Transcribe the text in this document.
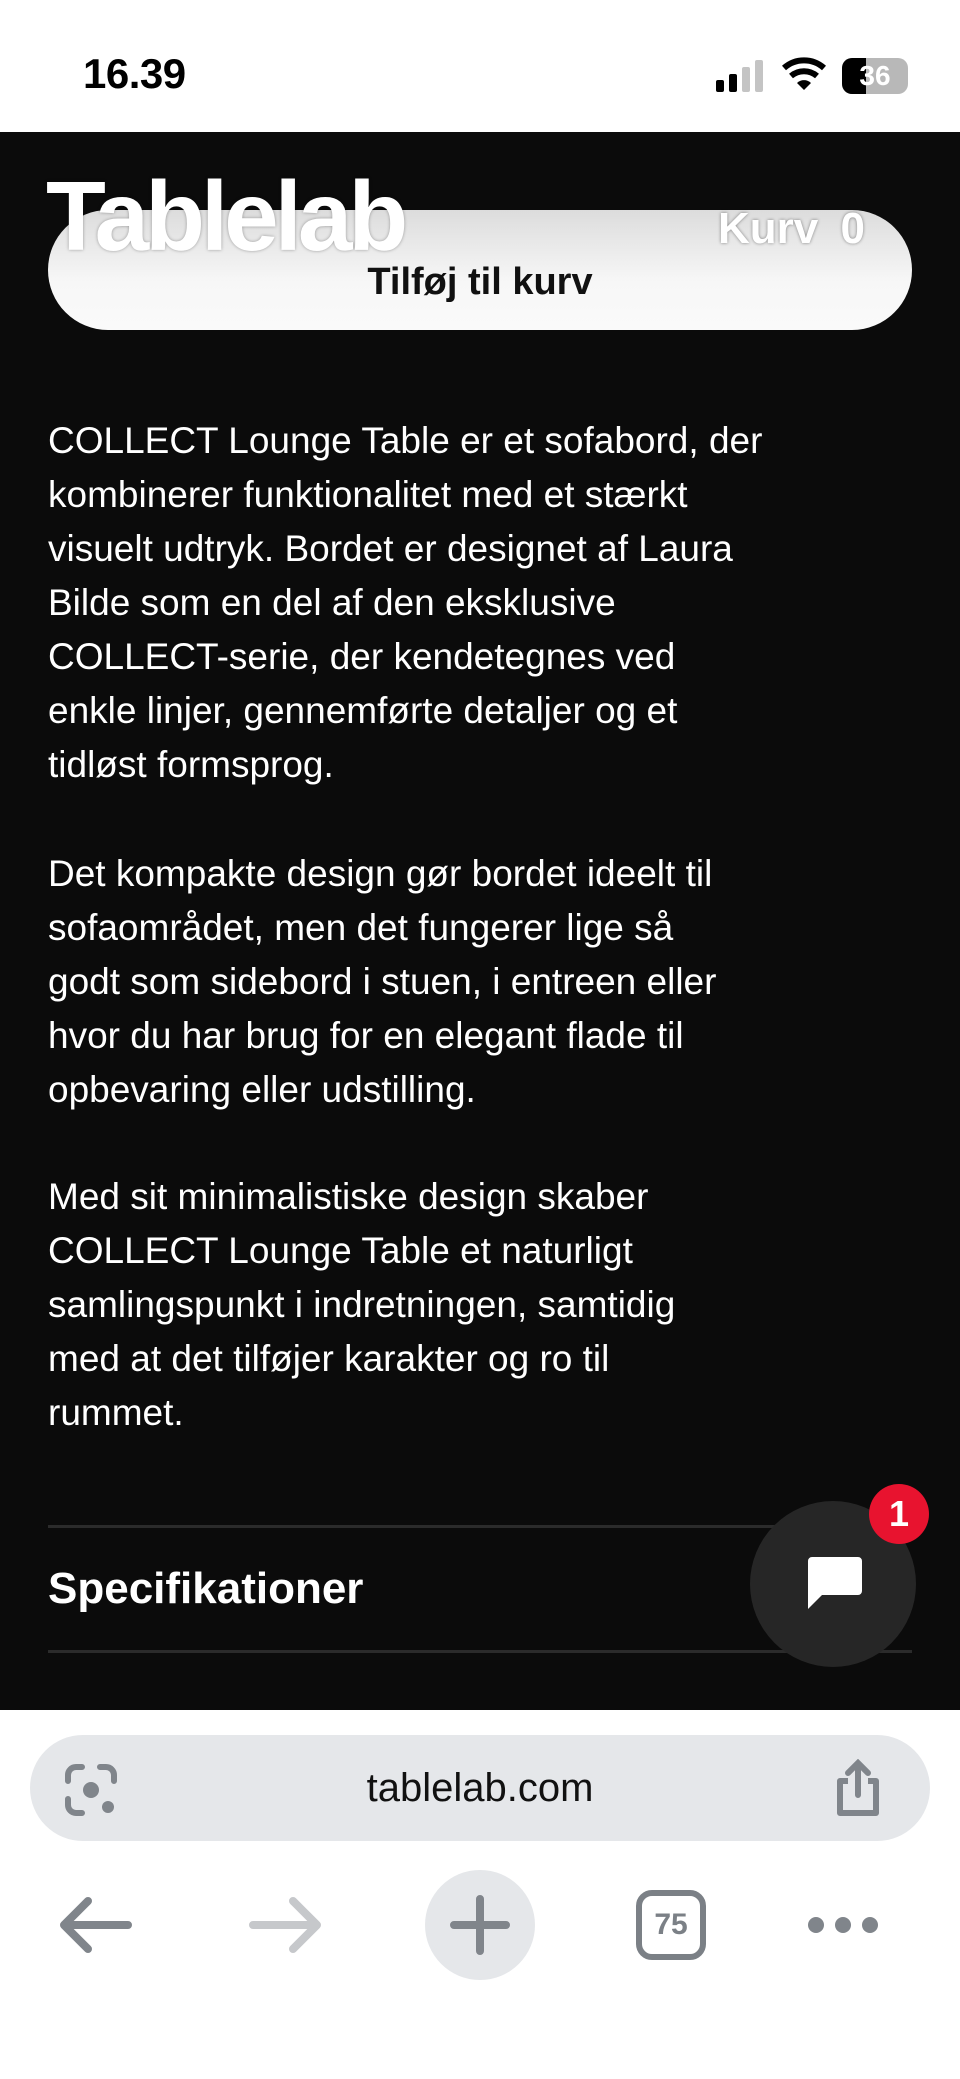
16.39	36
Tilføj til kurv
Tablelab	Kurv 0
COLLECT Lounge Table er et sofabord, der
kombinerer funktionalitet med et stærkt
visuelt udtryk. Bordet er designet af Laura
Bilde som en del af den eksklusive
COLLECT-serie, der kendetegnes ved
enkle linjer, gennemførte detaljer og et
tidløst formsprog.
Det kompakte design gør bordet ideelt til
sofaområdet, men det fungerer lige så
godt som sidebord i stuen, i entreen eller
hvor du har brug for en elegant flade til
opbevaring eller udstilling.
Med sit minimalistiske design skaber
COLLECT Lounge Table et naturligt
samlingspunkt i indretningen, samtidig
med at det tilføjer karakter og ro til
rummet.
Specifikationer
1
tablelab.com
75
